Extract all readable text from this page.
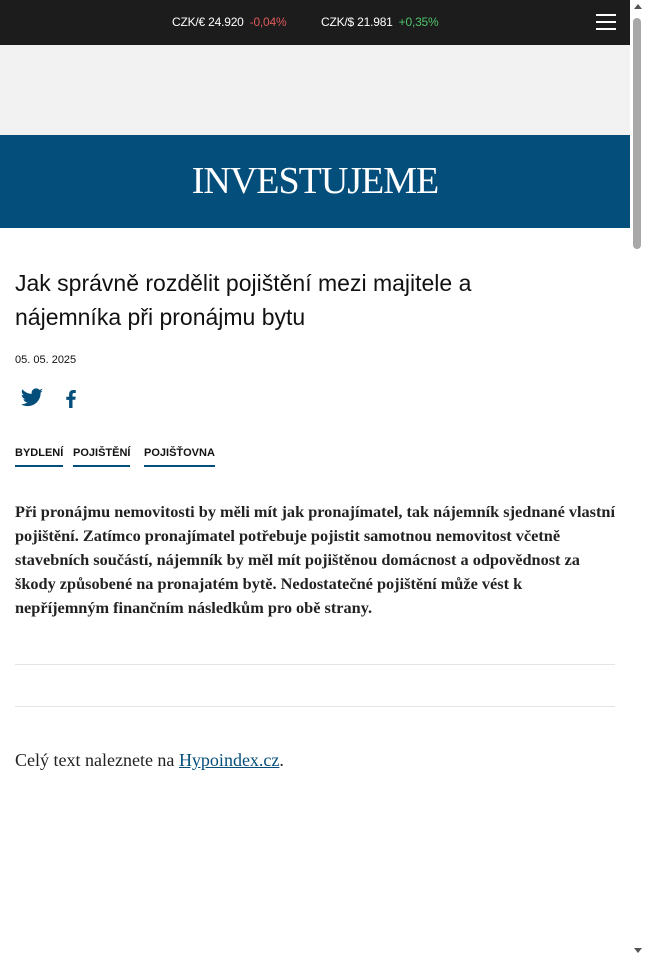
CZK/€ 24.920 -0,04%	CZK/$ 21.981 +0,35%
INVESTUJEME
Jak správně rozdělit pojištění mezi majitele a nájemníka při pronájmu bytu
05. 05. 2025
BYDLENÍ POJIŠTĚNÍ POJIŠŤOVNA

Při pronájmu nemovitosti by měli mít jak pronajímatel, tak nájemník sjednané vlastní pojištění. Zatímco pronajímatel potřebuje pojistit samotnou nemovitost včetně stavebních součástí, nájemník by měl mít pojištěnou domácnost a odpovědnost za škody způsobené na pronajatém bytě. Nedostatečné pojištění může vést k nepříjemným finančním následkům pro obě strany.

Celý text naleznete na Hypoindex.cz.
